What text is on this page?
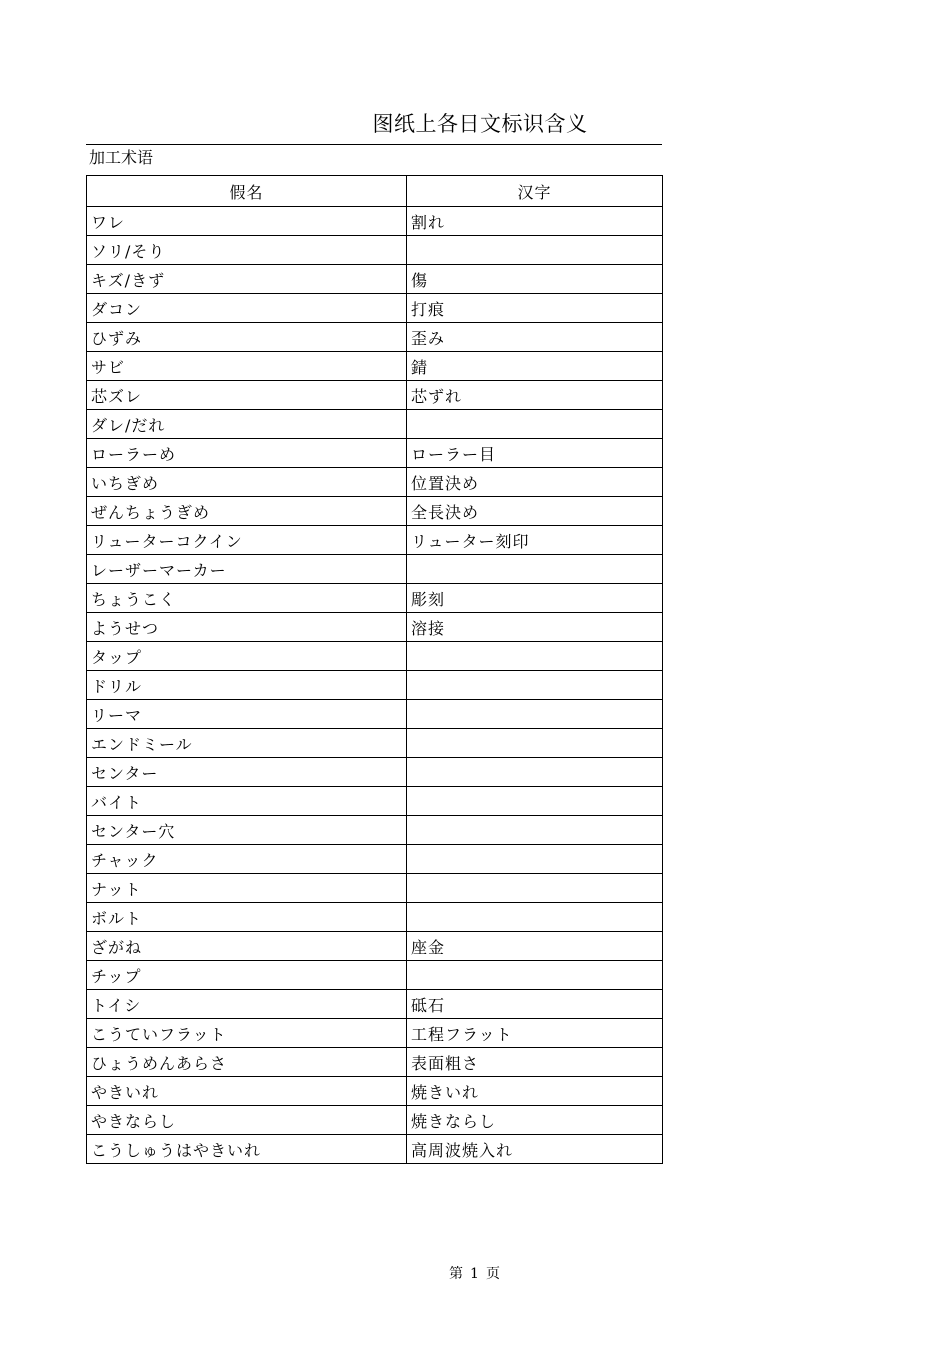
图纸上各日文标识含义
加工术语
假名	汉字
ワレ	割れ
ソリ/そり	
キズ/きず	傷
ダコン	打痕
ひずみ	歪み
サビ	錆
芯ズレ	芯ずれ
ダレ/だれ	
ローラーめ	ローラー目
いちぎめ	位置決め
ぜんちょうぎめ	全長決め
リューターコクイン	リューター刻印
レーザーマーカー	
ちょうこく	彫刻
ようせつ	溶接
タップ	
ドリル	
リーマ	
エンドミール	
センター	
バイト	
センター穴	
チャック	
ナット	
ボルト	
ざがね	座金
チップ	
トイシ	砥石
こうていフラット	工程フラット
ひょうめんあらさ	表面粗さ
やきいれ	焼きいれ
やきならし	焼きならし
こうしゅうはやきいれ	高周波焼入れ
第 1 页
